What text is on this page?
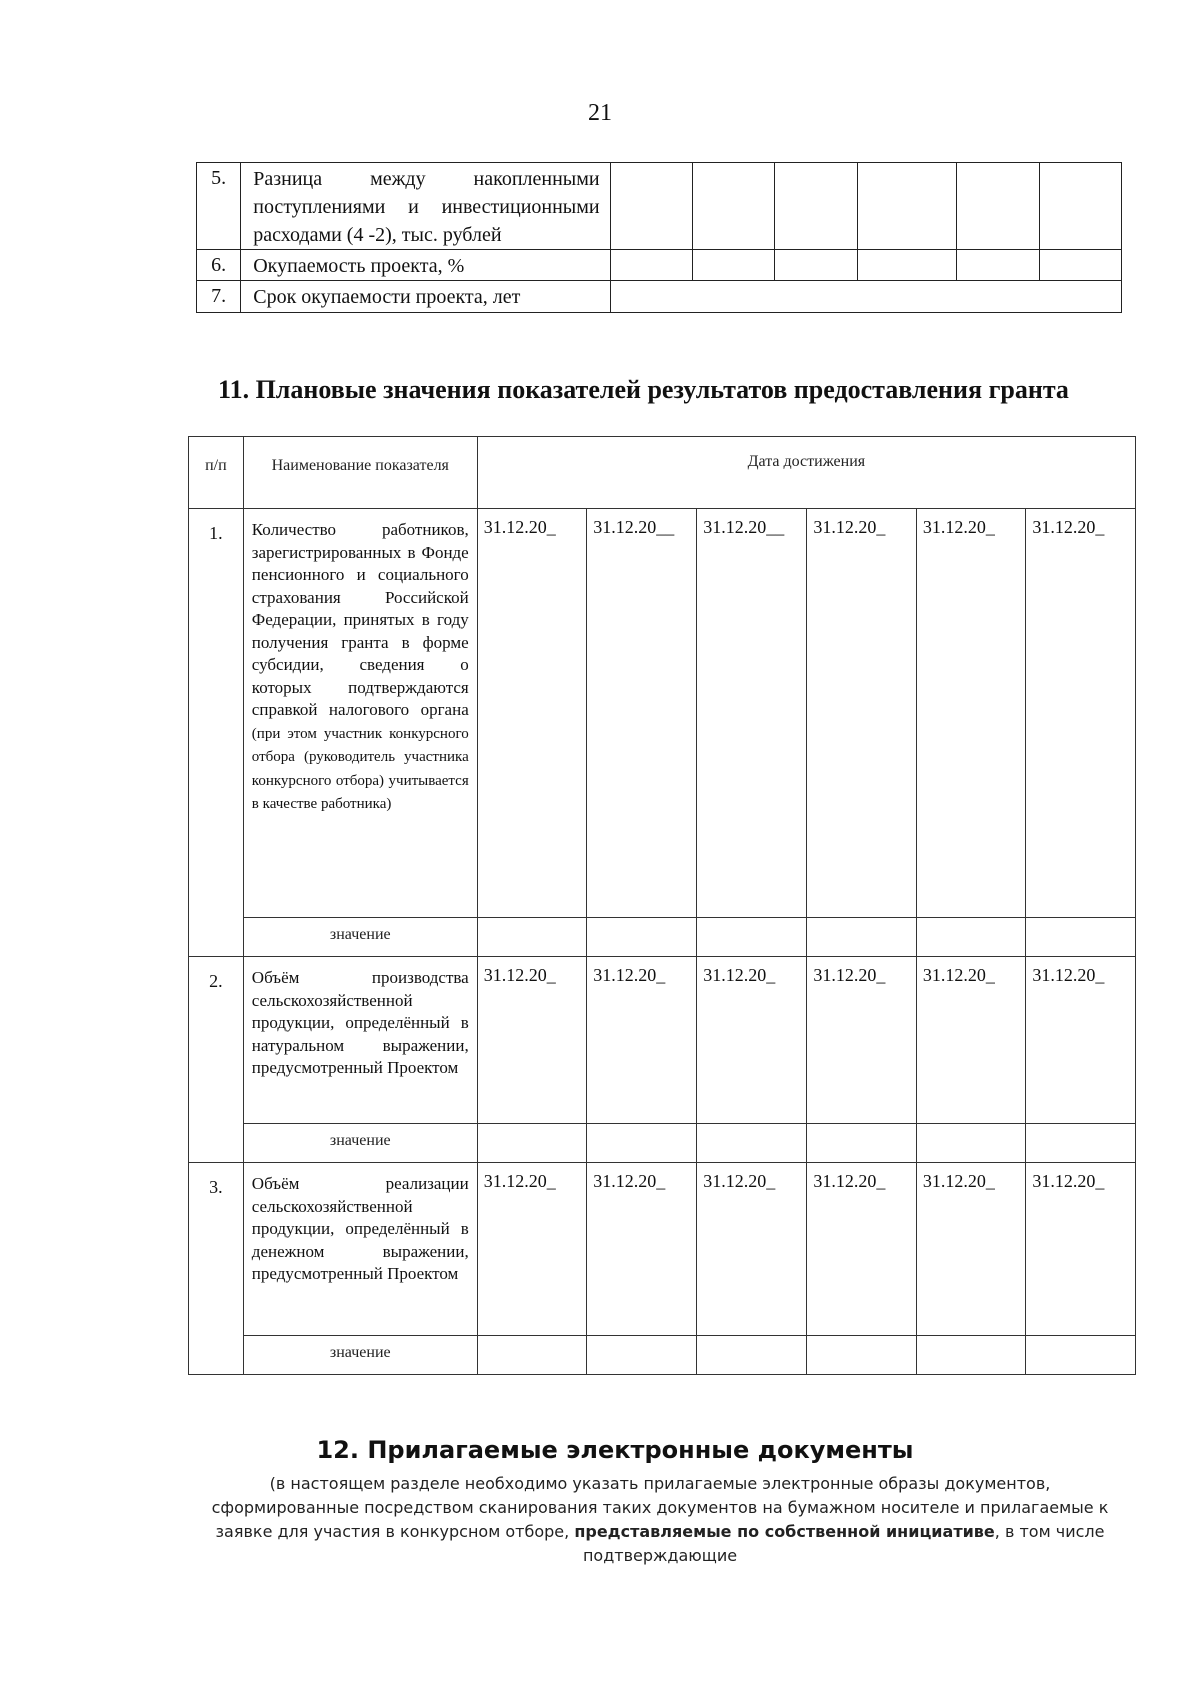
21
5.	Разница между накопленными поступлениями и инвестиционными расходами (4 -2), тыс. рублей						
6.	Окупаемость проекта, %						
7.	Срок окупаемости проекта, лет						
11. Плановые значения показателей результатов предоставления гранта
п/п	Наименование показателя	Дата достижения					
1.	Количество работников, зарегистрированных в Фонде пенсионного и социального страхования Российской Федерации, принятых в году получения гранта в форме субсидии, сведения о которых подтверждаются справкой налогового органа (при этом участник конкурсного отбора (руководитель участника конкурсного отбора) учитывается в качестве работника)	31.12.20_	31.12.20__	31.12.20__	31.12.20_	31.12.20_	31.12.20_
	значение						
2.	Объём производства сельскохозяйственной продукции, определённый в натуральном выражении, предусмотренный Проектом	31.12.20_	31.12.20_	31.12.20_	31.12.20_	31.12.20_	31.12.20_
	значение						
3.	Объём реализации сельскохозяйственной продукции, определённый в денежном выражении, предусмотренный Проектом	31.12.20_	31.12.20_	31.12.20_	31.12.20_	31.12.20_	31.12.20_
	значение						
12. Прилагаемые электронные документы
(в настоящем разделе необходимо указать прилагаемые электронные образы документов, сформированные посредством сканирования таких документов на бумажном носителе и прилагаемые к заявке для участия в конкурсном отборе, представляемые по собственной инициативе, в том числе подтверждающие
